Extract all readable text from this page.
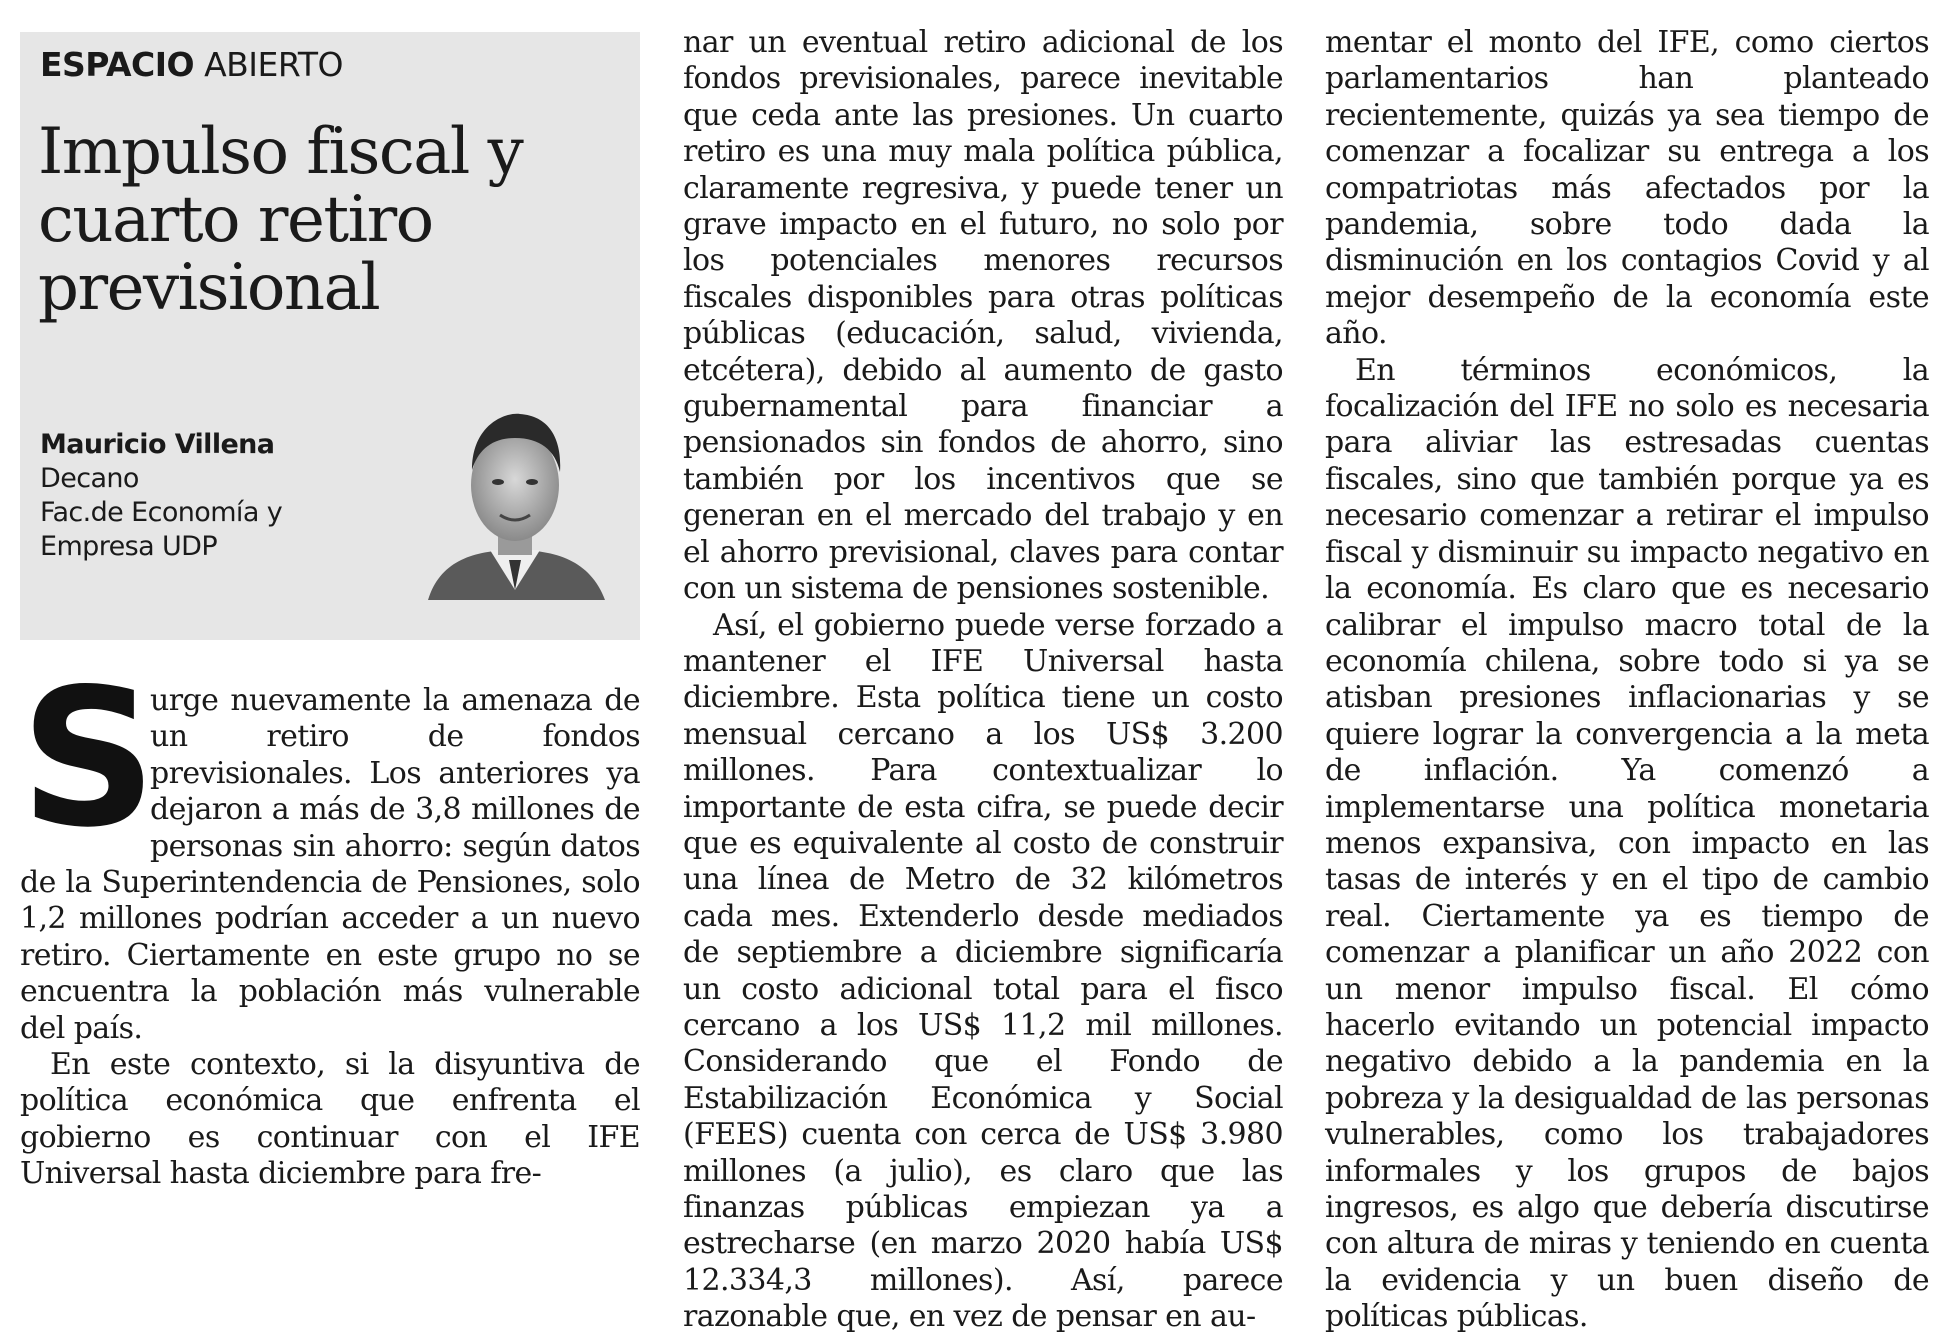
ESPACIO ABIERTO
Impulso fiscal y
cuarto retiro
previsional
Mauricio Villena
Decano
Fac.de Economía y
Empresa UDP

S
urge nuevamente la amenaza de un retiro de fondos previsionales. Los anteriores ya dejaron a más de 3,8 millones de personas sin ahorro: según datos de la Superintendencia de Pensiones, solo 1,2 millones podrían acceder a un nuevo retiro. Ciertamente en este grupo no se encuentra la población más vulnerable del país.

En este contexto, si la disyuntiva de política económica que enfrenta el gobierno es continuar con el IFE Universal hasta diciembre para fre-

nar un eventual retiro adicional de los fondos previsionales, parece inevitable que ceda ante las presiones. Un cuarto retiro es una muy mala política pública, claramente regresiva, y puede tener un grave impacto en el futuro, no solo por los potenciales menores recursos fiscales disponibles para otras políticas públicas (educación, salud, vivienda, etcétera), debido al aumento de gasto gubernamental para financiar a pensionados sin fondos de ahorro, sino también por los incentivos que se generan en el mercado del trabajo y en el ahorro previsional, claves para contar con un sistema de pensiones sostenible.

Así, el gobierno puede verse forzado a mantener el IFE Universal hasta diciembre. Esta política tiene un costo mensual cercano a los US$ 3.200 millones. Para contextualizar lo importante de esta cifra, se puede decir que es equivalente al costo de construir una línea de Metro de 32 kilómetros cada mes. Extenderlo desde mediados de septiembre a diciembre significaría un costo adicional total para el fisco cercano a los US$ 11,2 mil millones. Considerando que el Fondo de Estabilización Económica y Social (FEES) cuenta con cerca de US$ 3.980 millones (a julio), es claro que las finanzas públicas empiezan ya a estrecharse (en marzo 2020 había US$ 12.334,3 millones). Así, parece razonable que, en vez de pensar en au-

mentar el monto del IFE, como ciertos parlamentarios han planteado recientemente, quizás ya sea tiempo de comenzar a focalizar su entrega a los compatriotas más afectados por la pandemia, sobre todo dada la disminución en los contagios Covid y al mejor desempeño de la economía este año.

En términos económicos, la focalización del IFE no solo es necesaria para aliviar las estresadas cuentas fiscales, sino que también porque ya es necesario comenzar a retirar el impulso fiscal y disminuir su impacto negativo en la economía. Es claro que es necesario calibrar el impulso macro total de la economía chilena, sobre todo si ya se atisban presiones inflacionarias y se quiere lograr la convergencia a la meta de inflación. Ya comenzó a implementarse una política monetaria menos expansiva, con impacto en las tasas de interés y en el tipo de cambio real. Ciertamente ya es tiempo de comenzar a planificar un año 2022 con un menor impulso fiscal. El cómo hacerlo evitando un potencial impacto negativo debido a la pandemia en la pobreza y la desigualdad de las personas vulnerables, como los trabajadores informales y los grupos de bajos ingresos, es algo que debería discutirse con altura de miras y teniendo en cuenta la evidencia y un buen diseño de políticas públicas.
